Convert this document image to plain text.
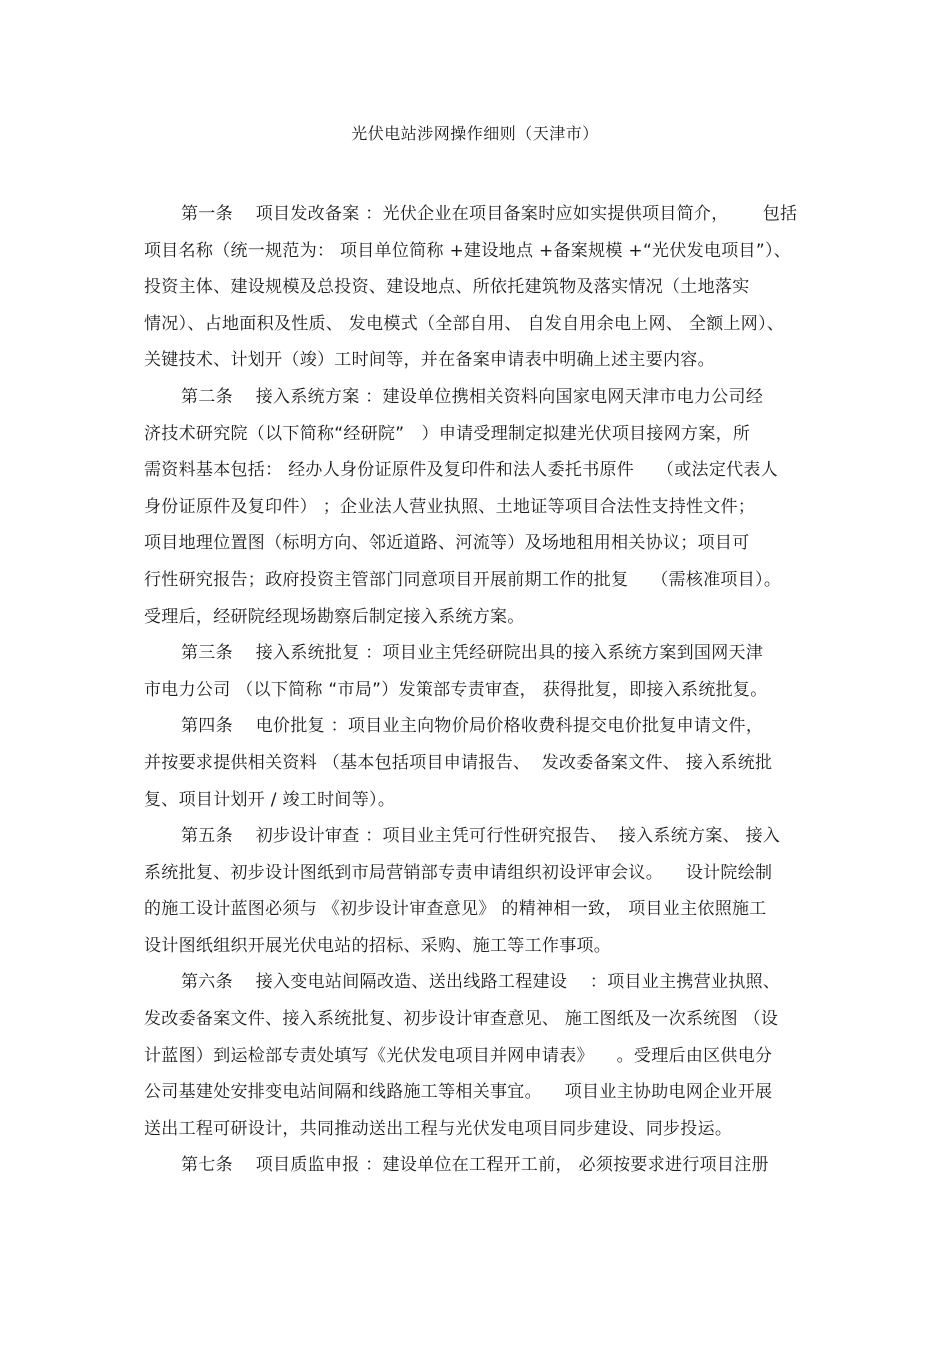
光伏电站涉网操作细则（天津市）
第一条    项目发改备案 ：光伏企业在项目备案时应如实提供项目简介，      包括
项目名称（统一规范为： 项目单位简称 +建设地点 +备案规模 +“光伏发电项目”）、
投资主体、建设规模及总投资、建设地点、所依托建筑物及落实情况（土地落实
情况）、占地面积及性质、 发电模式（全部自用、 自发自用余电上网、 全额上网）、
关键技术、计划开（竣）工时间等，并在备案申请表中明确上述主要内容。
第二条    接入系统方案 ：建设单位携相关资料向国家电网天津市电力公司经
济技术研究院（以下简称“经研院”   ）申请受理制定拟建光伏项目接网方案，所
需资料基本包括： 经办人身份证原件及复印件和法人委托书原件    （或法定代表人
身份证原件及复印件） ；企业法人营业执照、土地证等项目合法性支持性文件；
项目地理位置图（标明方向、邻近道路、河流等）及场地租用相关协议；项目可
行性研究报告；政府投资主管部门同意项目开展前期工作的批复    （需核准项目）。
受理后，经研院经现场勘察后制定接入系统方案。
第三条    接入系统批复 ：项目业主凭经研院出具的接入系统方案到国网天津
市电力公司 （以下简称 “市局”）发策部专责审查， 获得批复，即接入系统批复。
第四条    电价批复 ：项目业主向物价局价格收费科提交电价批复申请文件，
并按要求提供相关资料 （基本包括项目申请报告、  发改委备案文件、 接入系统批
复、项目计划开 / 竣工时间等）。
第五条    初步设计审查 ：项目业主凭可行性研究报告、  接入系统方案、 接入
系统批复、初步设计图纸到市局营销部专责申请组织初设评审会议。    设计院绘制
的施工设计蓝图必须与 《初步设计审查意见》 的精神相一致， 项目业主依照施工
设计图纸组织开展光伏电站的招标、采购、施工等工作事项。
第六条    接入变电站间隔改造、送出线路工程建设    ：项目业主携营业执照、
发改委备案文件、接入系统批复、初步设计审查意见、 施工图纸及一次系统图 （设
计蓝图）到运检部专责处填写《光伏发电项目并网申请表》    。受理后由区供电分
公司基建处安排变电站间隔和线路施工等相关事宜。    项目业主协助电网企业开展
送出工程可研设计，共同推动送出工程与光伏发电项目同步建设、同步投运。
第七条    项目质监申报 ：建设单位在工程开工前， 必须按要求进行项目注册
